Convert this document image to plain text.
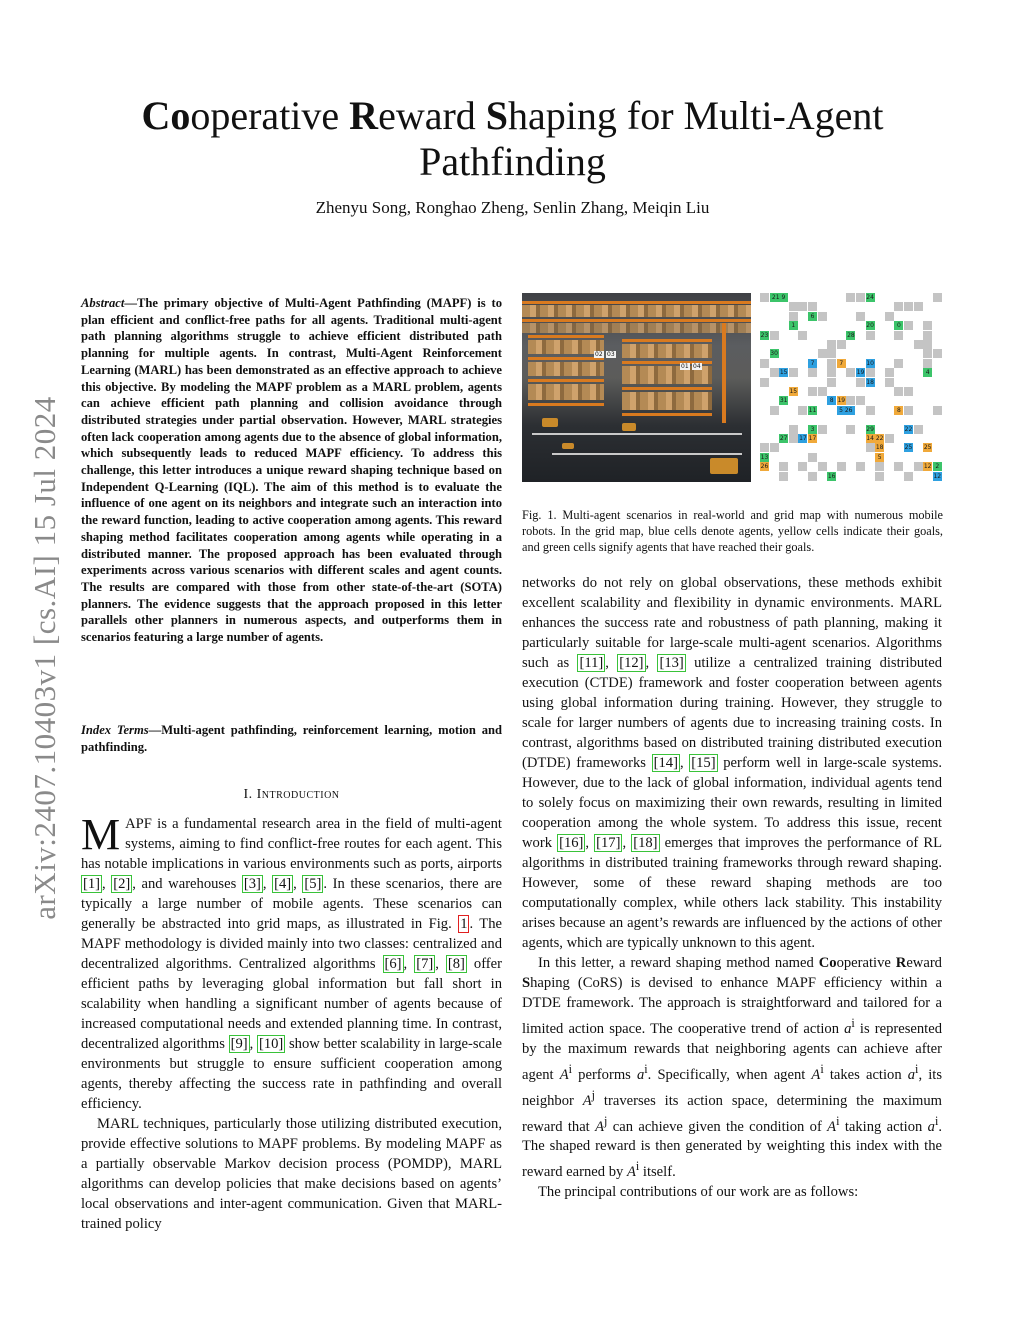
arXiv:2407.10403v1 [cs.AI] 15 Jul 2024
Cooperative Reward Shaping for Multi-Agent
Pathfinding
Zhenyu Song, Ronghao Zheng, Senlin Zhang, Meiqin Liu
Abstract—The primary objective of Multi-Agent Pathfinding (MAPF) is to plan efficient and conflict-free paths for all agents. Traditional multi-agent path planning algorithms struggle to achieve efficient distributed path planning for multiple agents. In contrast, Multi-Agent Reinforcement Learning (MARL) has been demonstrated as an effective approach to achieve this objective. By modeling the MAPF problem as a MARL problem, agents can achieve efficient path planning and collision avoidance through distributed strategies under partial observation. However, MARL strategies often lack cooperation among agents due to the absence of global information, which subsequently leads to reduced MAPF efficiency. To address this challenge, this letter introduces a unique reward shaping technique based on Independent Q-Learning (IQL). The aim of this method is to evaluate the influence of one agent on its neighbors and integrate such an interaction into the reward function, leading to active cooperation among agents. This reward shaping method facilitates cooperation among agents while operating in a distributed manner. The proposed approach has been evaluated through experiments across various scenarios with different scales and agent counts. The results are compared with those from other state-of-the-art (SOTA) planners. The evidence suggests that the approach proposed in this letter parallels other planners in numerous aspects, and outperforms them in scenarios featuring a large number of agents.
Index Terms—Multi-agent pathfinding, reinforcement learning, motion and pathfinding.
I. Introduction

MAPF is a fundamental research area in the field of multi-agent systems, aiming to find conflict-free routes for each agent. This has notable implications in various environments such as ports, airports [1] , [2] , and warehouses [3] , [4] , [5] . In these scenarios, there are typically a large number of mobile agents. These scenarios can generally be abstracted into grid maps, as illustrated in Fig. 1 . The MAPF methodology is divided mainly into two classes: centralized and decentralized algorithms. Centralized algorithms [6] , [7] , [8] offer efficient paths by leveraging global information but fall short in scalability when handling a significant number of agents because of increased computational needs and extended planning time. In contrast, decentralized algorithms [9] , [10] show better scalability in large-scale environments but struggle to ensure sufficient cooperation among agents, thereby affecting the success rate in pathfinding and overall efficiency.

MARL techniques, particularly those utilizing distributed execution, provide effective solutions to MAPF problems. By modeling MAPF as a partially observable Markov decision process (POMDP), MARL algorithms can develop policies that make decisions based on agents’ local observations and inter-agent communication. Given that MARL-trained policy

02 03
01 04
21 9	24
6
1	20	0
23	28
30
7	7	10
15	19	4
18
15
31	8 19
11	5 26	8
3	29	22
27 17 17	14 22
18	25 25
13	5
26	12 2
16	12
Fig. 1. Multi-agent scenarios in real-world and grid map with numerous mobile robots. In the grid map, blue cells denote agents, yellow cells indicate their goals, and green cells signify agents that have reached their goals.

networks do not rely on global observations, these methods exhibit excellent scalability and flexibility in dynamic environments. MARL enhances the success rate and robustness of path planning, making it particularly suitable for large-scale multi-agent scenarios. Algorithms such as [11] , [12] , [13] utilize a centralized training distributed execution (CTDE) framework and foster cooperation between agents using global information during training. However, they struggle to scale for larger numbers of agents due to increasing training costs. In contrast, algorithms based on distributed training distributed execution (DTDE) frameworks [14] , [15] perform well in large-scale systems. However, due to the lack of global information, individual agents tend to solely focus on maximizing their own rewards, resulting in limited cooperation among the whole system. To address this issue, recent work [16] , [17] , [18] emerges that improves the performance of RL algorithms in distributed training frameworks through reward shaping. However, some of these reward shaping methods are too computationally complex, while others lack stability. This instability arises because an agent’s rewards are influenced by the actions of other agents, which are typically unknown to this agent.

In this letter, a reward shaping method named Cooperative Reward Shaping (CoRS) is devised to enhance MAPF efficiency within a DTDE framework. The approach is straightforward and tailored for a limited action space. The cooperative trend of action $a^i$ is represented by the maximum rewards that neighboring agents can achieve after agent $A^i$ performs $a^i$. Specifically, when agent $A^i$ takes action $a^i$, its neighbor $A^j$ traverses its action space, determining the maximum reward that $A^j$ can achieve given the condition of $A^i$ taking action $a^i$. The shaped reward is then generated by weighting this index with the reward earned by $A^i$ itself.

The principal contributions of our work are as follows:
